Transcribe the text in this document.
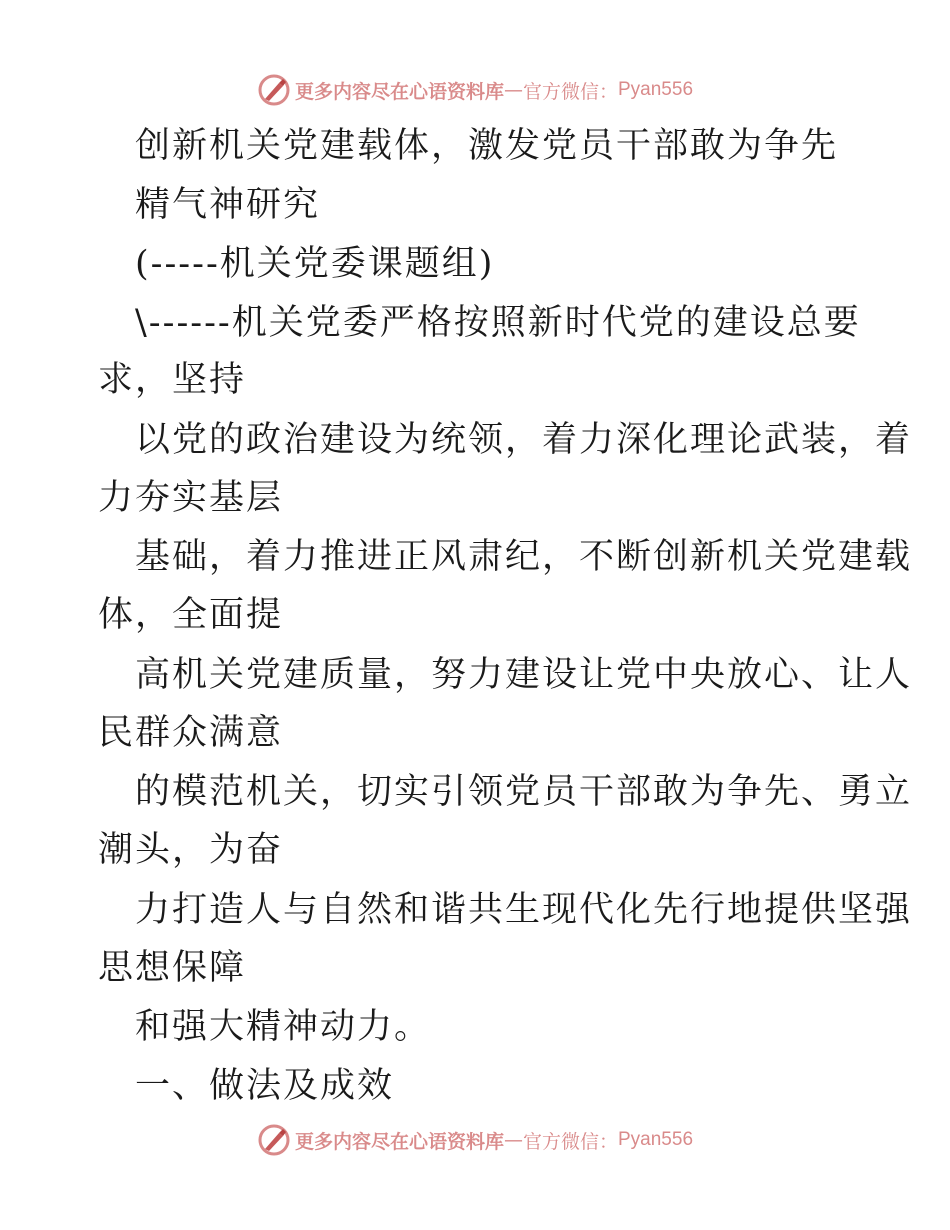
更多内容尽在心语资料库 — 官方微信： Pyan556
创新机关党建载体，激发党员干部敢为争先
精气神研究
(-----机关党委课题组)
\------机关党委严格按照新时代党的建设总要
求，坚持
以党的政治建设为统领，着力深化理论武装，着
力夯实基层
基础，着力推进正风肃纪，不断创新机关党建载
体，全面提
高机关党建质量，努力建设让党中央放心、让人
民群众满意
的模范机关，切实引领党员干部敢为争先、勇立
潮头，为奋
力打造人与自然和谐共生现代化先行地提供坚强
思想保障
和强大精神动力。
一、做法及成效
更多内容尽在心语资料库 — 官方微信： Pyan556
